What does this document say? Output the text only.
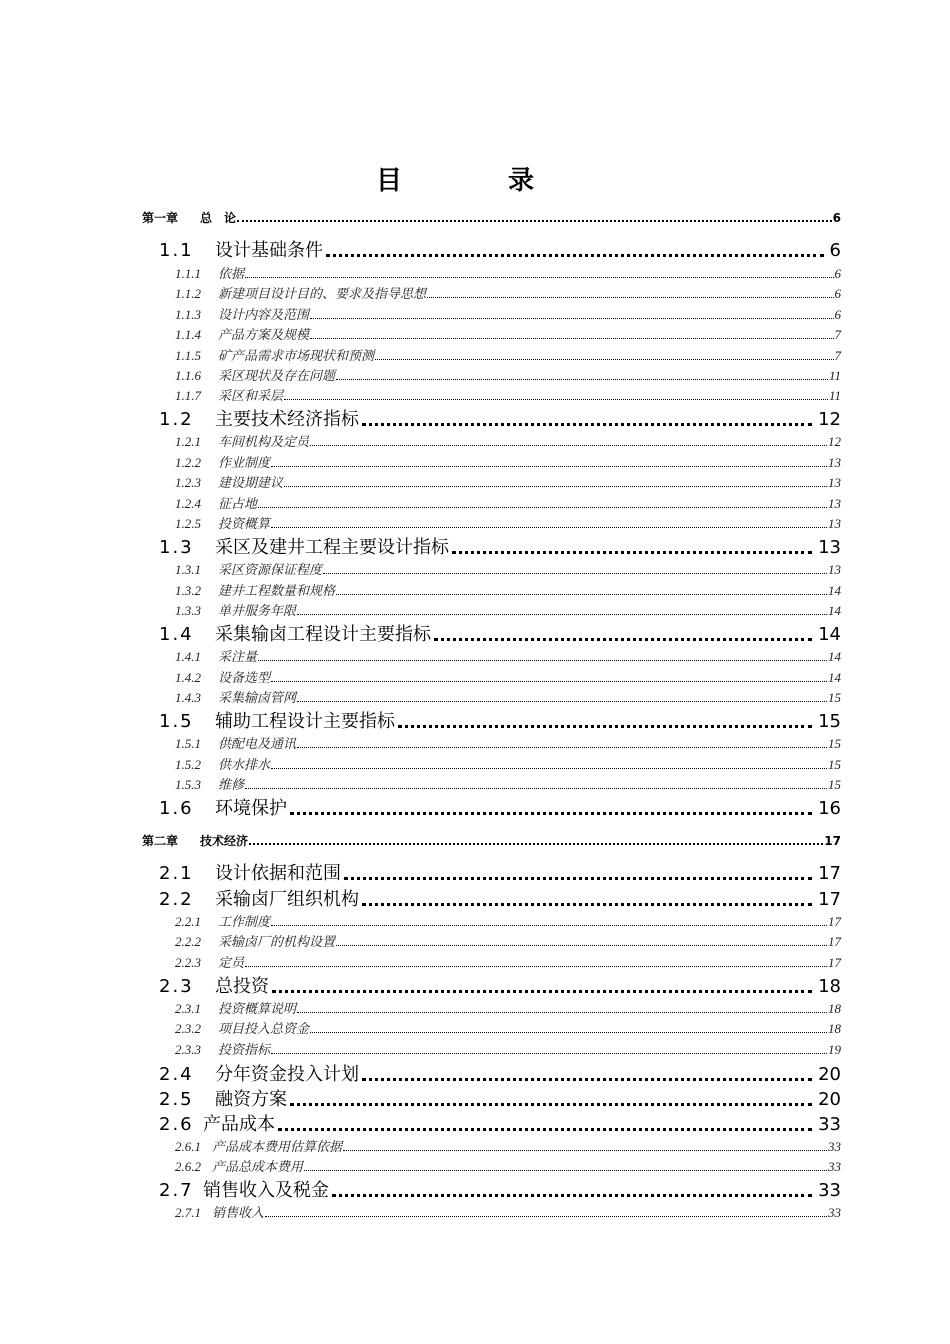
目　录
第一章 总　论	6
1.1	设计基础条件	6
1.1.1	依据	6
1.1.2	新建项目设计目的、要求及指导思想	6
1.1.3	设计内容及范围	6
1.1.4	产品方案及规模	7
1.1.5	矿产品需求市场现状和预测	7
1.1.6	采区现状及存在问题	11
1.1.7	采区和采层	11
1.2	主要技术经济指标	12
1.2.1	车间机构及定员	12
1.2.2	作业制度	13
1.2.3	建设期建议	13
1.2.4	征占地	13
1.2.5	投资概算	13
1.3	采区及建井工程主要设计指标	13
1.3.1	采区资源保证程度	13
1.3.2	建井工程数量和规格	14
1.3.3	单井服务年限	14
1.4	采集输卤工程设计主要指标	14
1.4.1	采注量	14
1.4.2	设备选型	14
1.4.3	采集输卤管网	15
1.5	辅助工程设计主要指标	15
1.5.1	供配电及通讯	15
1.5.2	供水排水	15
1.5.3	维修	15
1.6	环境保护	16
第二章 技术经济	17
2.1	设计依据和范围	17
2.2	采输卤厂组织机构	17
2.2.1	工作制度	17
2.2.2	采输卤厂的机构设置	17
2.2.3	定员	17
2.3	总投资	18
2.3.1	投资概算说明	18
2.3.2	项目投入总资金	18
2.3.3	投资指标	19
2.4	分年资金投入计划	20
2.5	融资方案	20
2.6 产品成本	33
2.6.1 产品成本费用估算依据	33
2.6.2 产品总成本费用	33
2.7 销售收入及税金	33
2.7.1 销售收入	33
